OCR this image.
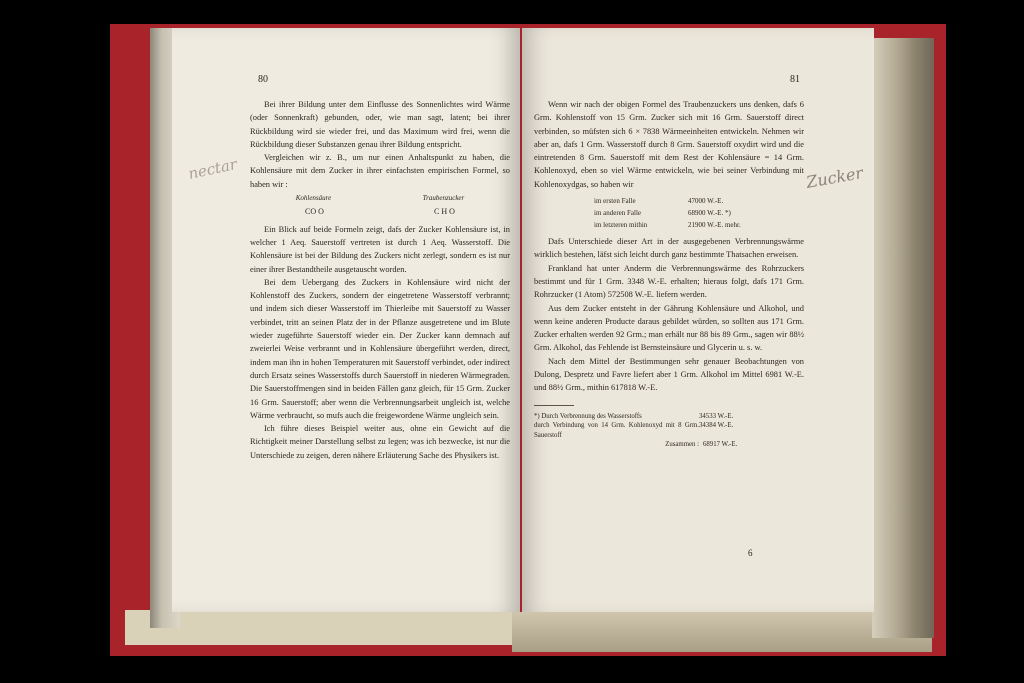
80

Bei ihrer Bildung unter dem Einflusse des Sonnenlichtes wird Wärme (oder Sonnenkraft) gebunden, oder, wie man sagt, latent; bei ihrer Rückbildung wird sie wieder frei, und das Maximum wird frei, wenn die Rückbildung dieser Substanzen genau ihrer Bildung entspricht.

Vergleichen wir z. B., um nur einen Anhaltspunkt zu haben, die Kohlensäure mit dem Zucker in ihrer einfachsten empirischen Formel, so haben wir :

Kohlensäure	Traubenzucker
CO O	C H O

Ein Blick auf beide Formeln zeigt, dafs der Zucker Kohlensäure ist, in welcher 1 Aeq. Sauerstoff vertreten ist durch 1 Aeq. Wasserstoff. Die Kohlensäure ist bei der Bildung des Zuckers nicht zerlegt, sondern es ist nur einer ihrer Bestandtheile ausgetauscht worden.

Bei dem Uebergang des Zuckers in Kohlensäure wird nicht der Kohlenstoff des Zuckers, sondern der eingetretene Wasserstoff verbrannt; und indem sich dieser Wasserstoff im Thierleibe mit Sauerstoff zu Wasser verbindet, tritt an seinen Platz der in der Pflanze ausgetretene und im Blute wieder zugeführte Sauerstoff wieder ein. Der Zucker kann demnach auf zweierlei Weise verbrannt und in Kohlensäure übergeführt werden, direct, indem man ihn in hohen Temperaturen mit Sauerstoff verbindet, oder indirect durch Ersatz seines Wasserstoffs durch Sauerstoff in niederen Wärmegraden. Die Sauerstoffmengen sind in beiden Fällen ganz gleich, für 15 Grm. Zucker 16 Grm. Sauerstoff; aber wenn die Verbrennungsarbeit ungleich ist, welche Wärme verbraucht, so mufs auch die freigewordene Wärme ungleich sein.

Ich führe dieses Beispiel weiter aus, ohne ein Gewicht auf die Richtigkeit meiner Darstellung selbst zu legen; was ich bezwecke, ist nur die Unterschiede zu zeigen, deren nähere Erläuterung Sache des Physikers ist.

81

Wenn wir nach der obigen Formel des Traubenzuckers uns denken, dafs 6 Grm. Kohlenstoff von 15 Grm. Zucker sich mit 16 Grm. Sauerstoff direct verbinden, so müfsten sich 6 × 7838 Wärmeeinheiten entwickeln. Nehmen wir aber an, dafs 1 Grm. Wasserstoff durch 8 Grm. Sauerstoff oxydirt wird und die eintretenden 8 Grm. Sauerstoff mit dem Rest der Kohlensäure = 14 Grm. Kohlenoxyd, eben so viel Wärme entwickeln, wie bei seiner Verbindung mit Kohlenoxydgas, so haben wir

im ersten Falle	47000 W.-E.
im anderen Falle	68900 W.-E. *)
im letzteren mithin	21900 W.-E. mehr.

Dafs Unterschiede dieser Art in der ausgegebenen Verbrennungswärme wirklich bestehen, läfst sich leicht durch ganz bestimmte Thatsachen erweisen.

Frankland hat unter Anderm die Verbrennungswärme des Rohrzuckers bestimmt und für 1 Grm. 3348 W.-E. erhalten; hieraus folgt, dafs 171 Grm. Rohrzucker (1 Atom) 572508 W.-E. liefern werden.

Aus dem Zucker entsteht in der Gährung Kohlensäure und Alkohol, und wenn keine anderen Producte daraus gebildet würden, so sollten aus 171 Grm. Zucker erhalten werden 92 Grm.; man erhält nur 88 bis 89 Grm., sagen wir 88½ Grm. Alkohol, das Fehlende ist Bernsteinsäure und Glycerin u. s. w.

Nach dem Mittel der Bestimmungen sehr genauer Beobachtungen von Dulong, Despretz und Favre liefert aber 1 Grm. Alkohol im Mittel 6981 W.-E. und 88½ Grm., mithin 617818 W.-E.

*) Durch Verbrennung des Wasserstoffs	34533 W.-E.
durch Verbindung von 14 Grm. Kohlenoxyd mit 8 Grm. Sauerstoff
34384 W.-E.
Zusammen : 68917 W.-E.
6
nectar	Zucker
